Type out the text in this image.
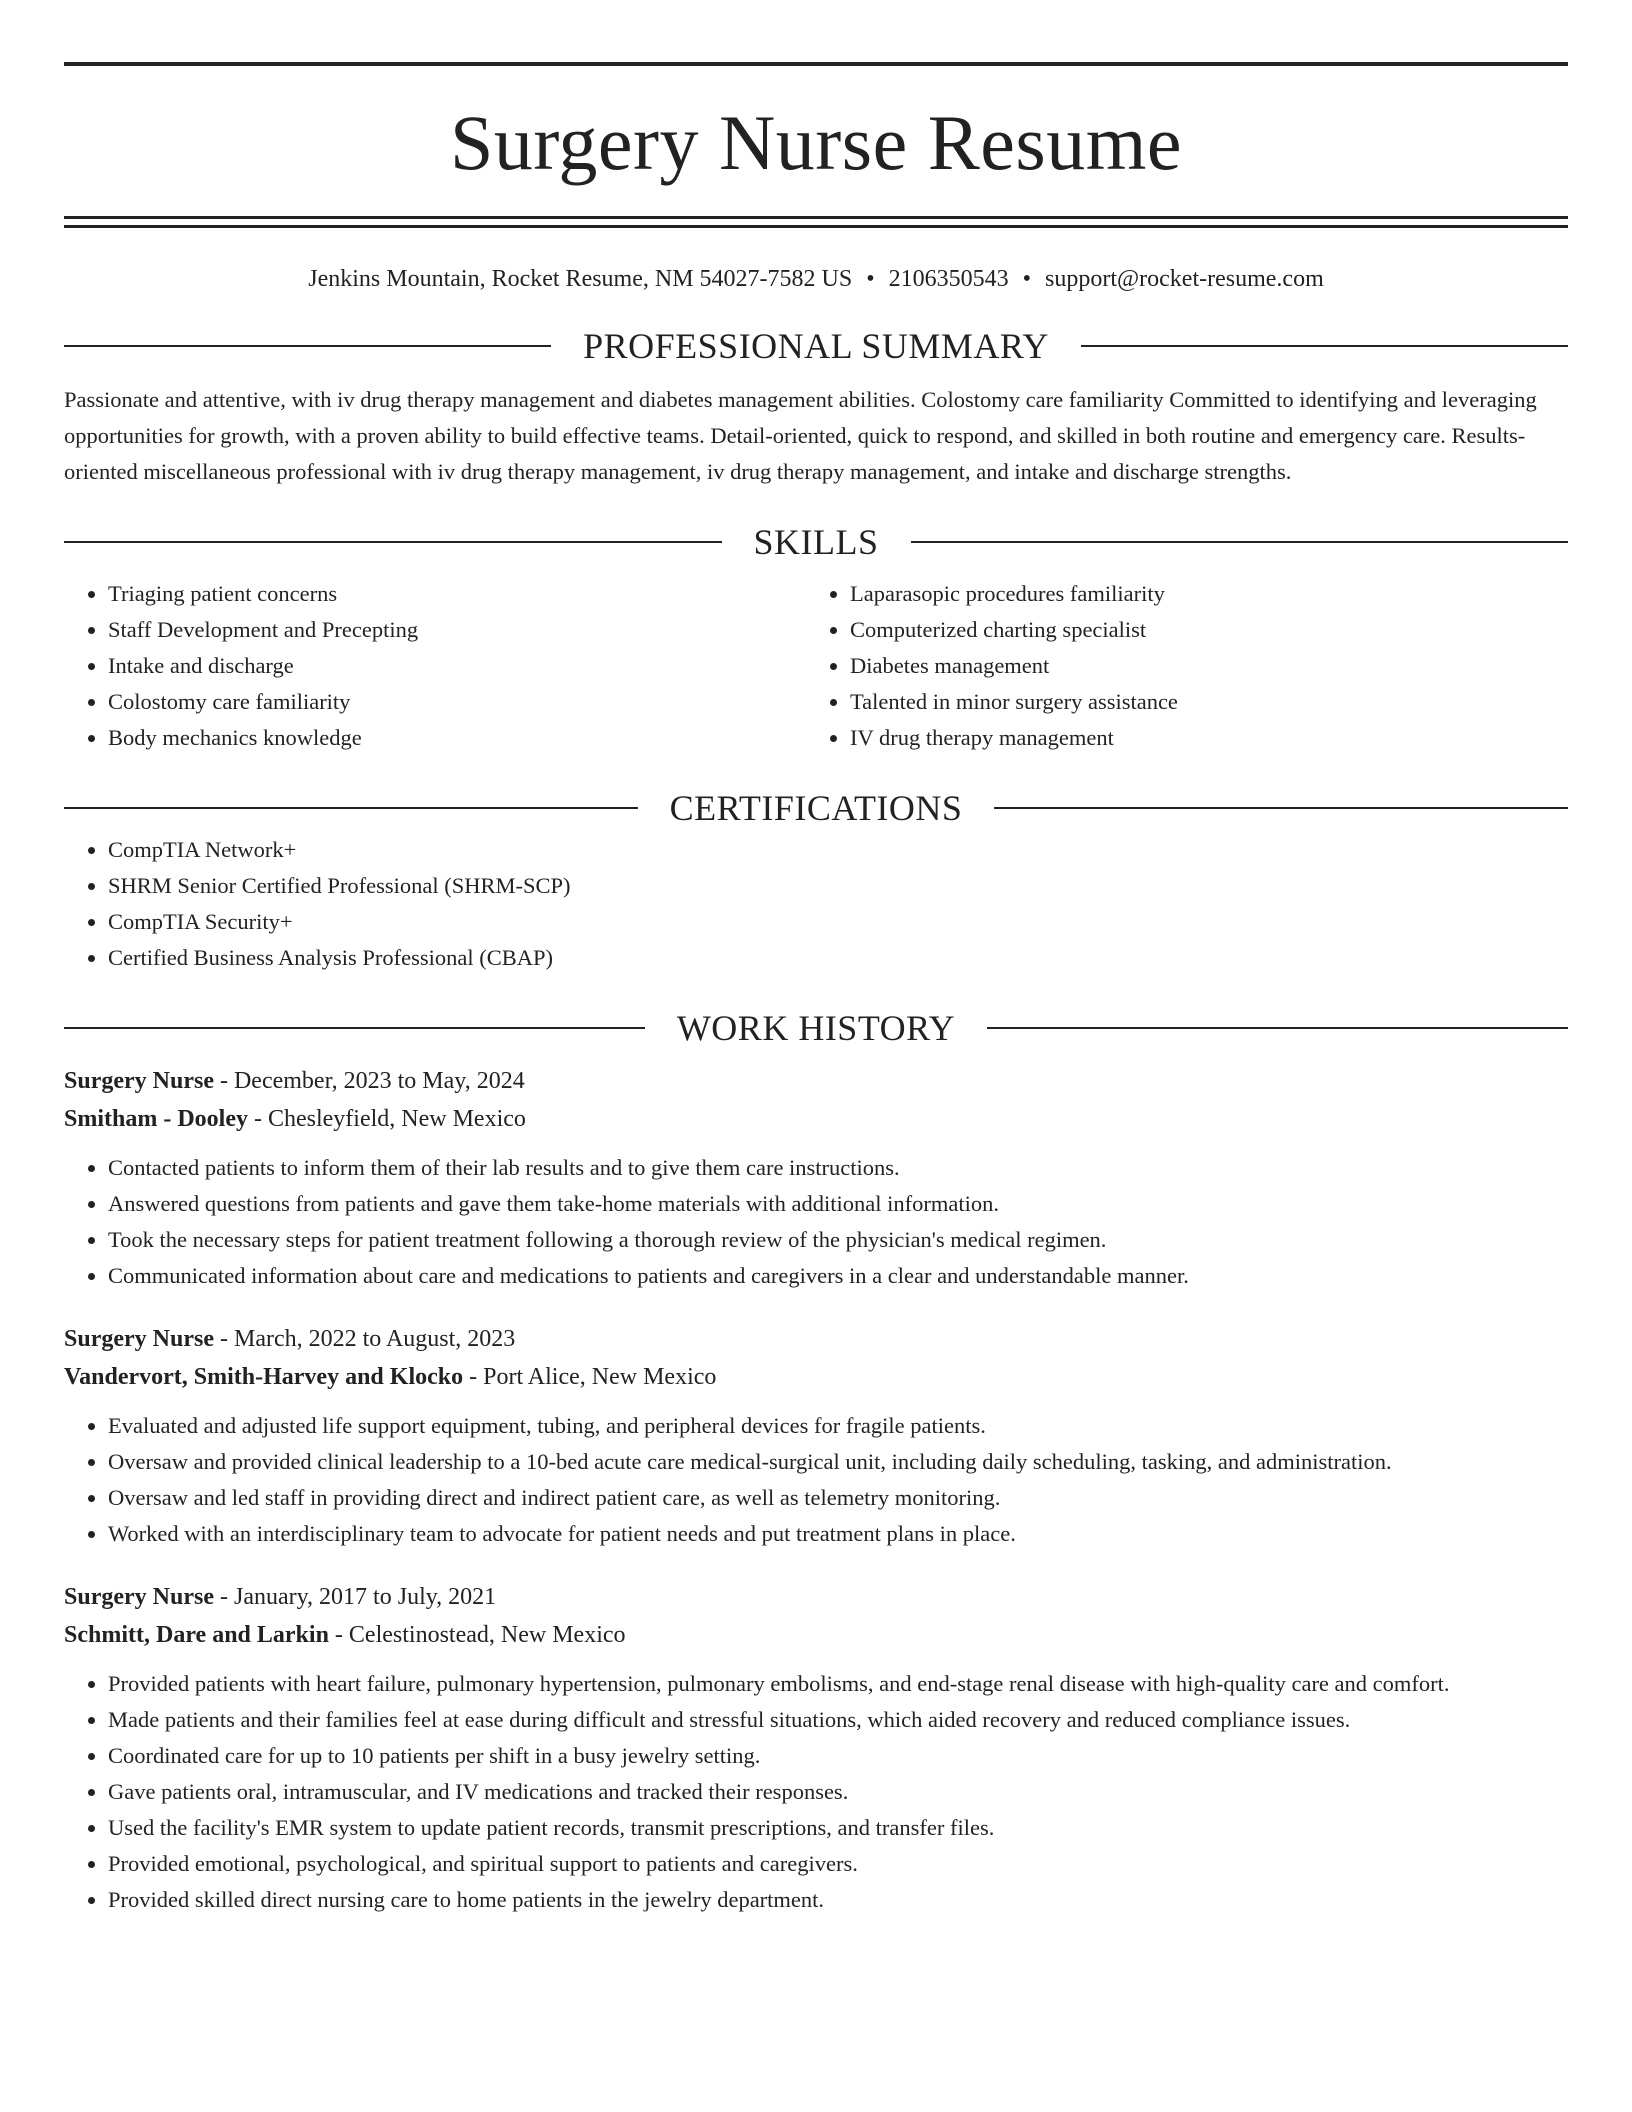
Surgery Nurse Resume
Jenkins Mountain, Rocket Resume, NM 54027-7582 US • 2106350543 • support@rocket-resume.com
PROFESSIONAL SUMMARY
Passionate and attentive, with iv drug therapy management and diabetes management abilities. Colostomy care familiarity Committed to identifying and leveraging opportunities for growth, with a proven ability to build effective teams. Detail-oriented, quick to respond, and skilled in both routine and emergency care. Results-oriented miscellaneous professional with iv drug therapy management, iv drug therapy management, and intake and discharge strengths.
SKILLS
• Triaging patient concerns
• Staff Development and Precepting
• Intake and discharge
• Colostomy care familiarity
• Body mechanics knowledge
• Laparasopic procedures familiarity
• Computerized charting specialist
• Diabetes management
• Talented in minor surgery assistance
• IV drug therapy management
CERTIFICATIONS
• CompTIA Network+
• SHRM Senior Certified Professional (SHRM-SCP)
• CompTIA Security+
• Certified Business Analysis Professional (CBAP)
WORK HISTORY
Surgery Nurse - December, 2023 to May, 2024
Smitham - Dooley - Chesleyfield, New Mexico
• Contacted patients to inform them of their lab results and to give them care instructions.
• Answered questions from patients and gave them take-home materials with additional information.
• Took the necessary steps for patient treatment following a thorough review of the physician's medical regimen.
• Communicated information about care and medications to patients and caregivers in a clear and understandable manner.
Surgery Nurse - March, 2022 to August, 2023
Vandervort, Smith-Harvey and Klocko - Port Alice, New Mexico
• Evaluated and adjusted life support equipment, tubing, and peripheral devices for fragile patients.
• Oversaw and provided clinical leadership to a 10-bed acute care medical-surgical unit, including daily scheduling, tasking, and administration.
• Oversaw and led staff in providing direct and indirect patient care, as well as telemetry monitoring.
• Worked with an interdisciplinary team to advocate for patient needs and put treatment plans in place.
Surgery Nurse - January, 2017 to July, 2021
Schmitt, Dare and Larkin - Celestinostead, New Mexico
• Provided patients with heart failure, pulmonary hypertension, pulmonary embolisms, and end-stage renal disease with high-quality care and comfort.
• Made patients and their families feel at ease during difficult and stressful situations, which aided recovery and reduced compliance issues.
• Coordinated care for up to 10 patients per shift in a busy jewelry setting.
• Gave patients oral, intramuscular, and IV medications and tracked their responses.
• Used the facility's EMR system to update patient records, transmit prescriptions, and transfer files.
• Provided emotional, psychological, and spiritual support to patients and caregivers.
• Provided skilled direct nursing care to home patients in the jewelry department.
